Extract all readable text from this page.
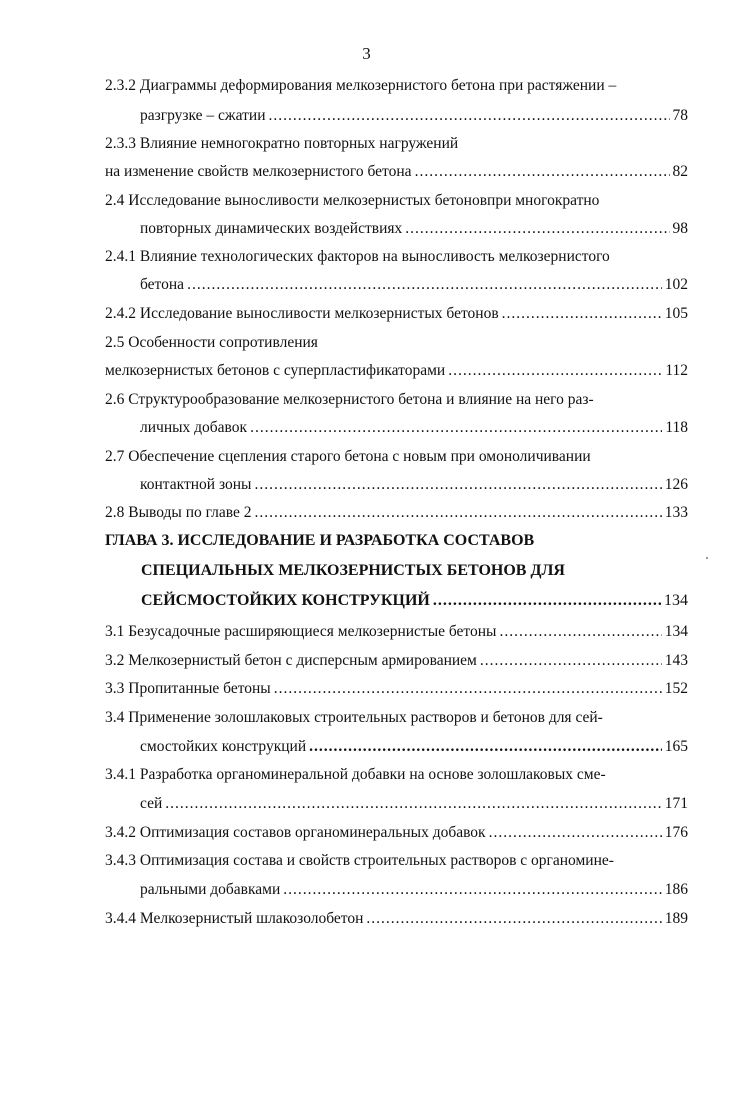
3
2.3.2 Диаграммы деформирования мелкозернистого бетона при растяжении –
разгрузке – сжатии .....	78
2.3.3 Влияние немногократно повторных нагружений
на изменение свойств мелкозернистого бетона .....	82
2.4 Исследование выносливости мелкозернистых бетоновпри многократно
повторных динамических воздействиях .....	98
2.4.1 Влияние технологических факторов на выносливость мелкозернистого
бетона .....	102
2.4.2 Исследование выносливости мелкозернистых бетонов .....	105
2.5 Особенности сопротивления
мелкозернистых бетонов с суперпластификаторами .....	112
2.6 Структурообразование мелкозернистого бетона и влияние на него раз-
личных добавок .....	118
2.7 Обеспечение сцепления старого бетона с новым при омоноличивании
контактной зоны .....	126
2.8 Выводы по главе 2 .....	133
ГЛАВА 3. ИССЛЕДОВАНИЕ И РАЗРАБОТКА СОСТАВОВ
СПЕЦИАЛЬНЫХ МЕЛКОЗЕРНИСТЫХ БЕТОНОВ ДЛЯ
СЕЙСМОСТОЙКИХ КОНСТРУКЦИЙ .....	134
3.1 Безусадочные расширяющиеся мелкозернистые бетоны .....	134
3.2 Мелкозернистый бетон с дисперсным армированием .....	143
3.3 Пропитанные бетоны .....	152
3.4 Применение золошлаковых строительных растворов и бетонов для сей-
смостойких конструкций .....	165
3.4.1 Разработка органоминеральной добавки на основе золошлаковых сме-
сей .....	171
3.4.2 Оптимизация составов органоминеральных добавок .....	176
3.4.3 Оптимизация состава и свойств строительных растворов с органомине-
ральными добавками .....	186
3.4.4 Мелкозернистый шлакозолобетон .....	189
